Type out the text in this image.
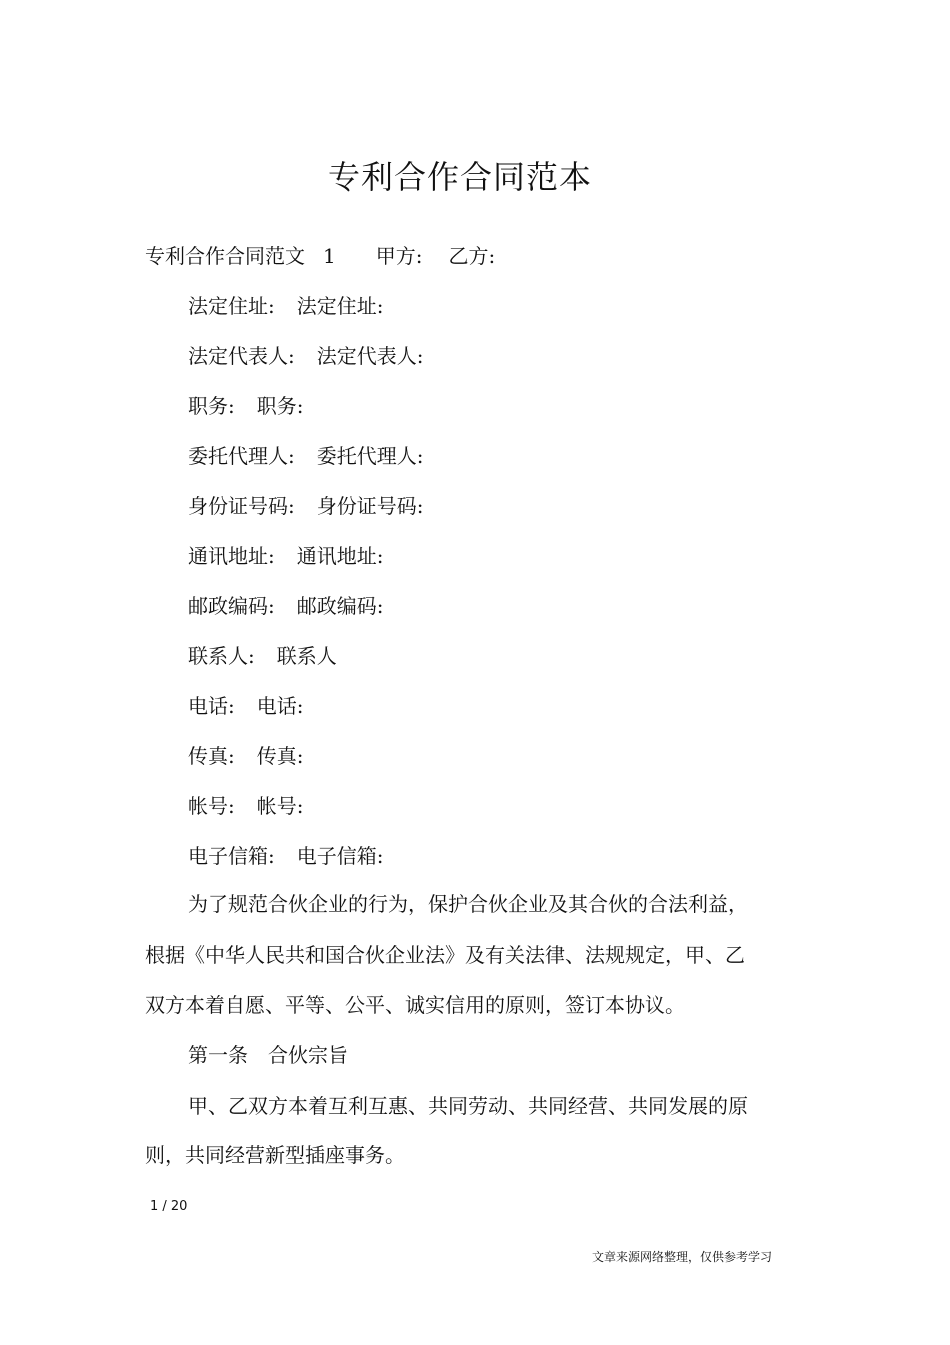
专利合作合同范本
专利合作合同范文 1 甲方: 乙方:
法定住址: 法定住址:
法定代表人: 法定代表人:
职务: 职务:
委托代理人: 委托代理人:
身份证号码: 身份证号码:
通讯地址: 通讯地址:
邮政编码: 邮政编码:
联系人: 联系人
电话: 电话:
传真: 传真:
帐号: 帐号:
电子信箱: 电子信箱:
为了规范合伙企业的行为，保护合伙企业及其合伙的合法利益，
根据《中华人民共和国合伙企业法》及有关法律、法规规定，甲、乙
双方本着自愿、平等、公平、诚实信用的原则，签订本协议。
第一条 合伙宗旨
甲、乙双方本着互利互惠、共同劳动、共同经营、共同发展的原
则，共同经营新型插座事务。
1 / 20
文章来源网络整理，仅供参考学习
